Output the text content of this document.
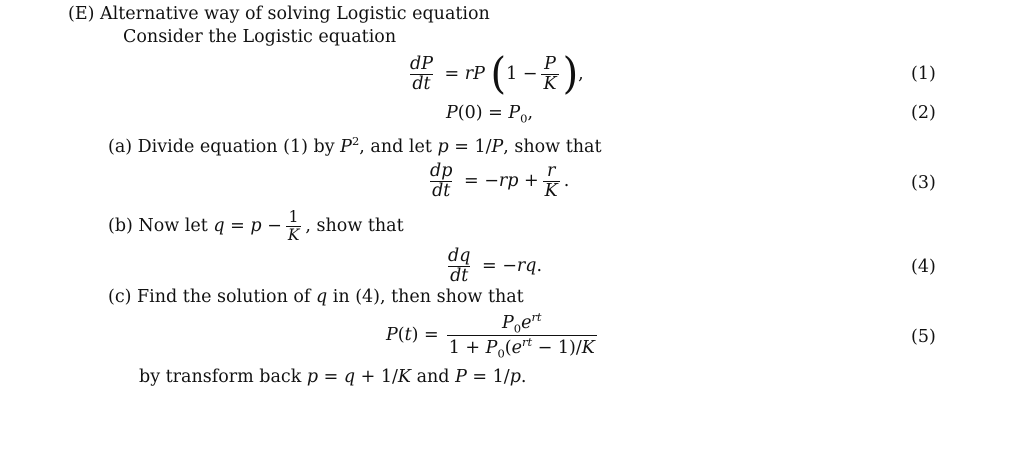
(E) Alternative way of solving Logistic equation
Consider the Logistic equation
$\frac{dP}{dt}$ = rP ( $1 - \frac{P}{K}$ ) ,	(1)
$P(0) = P_0$,	(2)
(a) Divide equation (1) by $P^2$, and let p = 1/P, show that
$\frac{dp}{dt} = -rp + \frac{r}{K}$ .	(3)
(b) Now let $q = p - \frac{1}{K}$ , show that
$\frac{dq}{dt} = -rq$.	(4)
(c) Find the solution of q in (4), then show that
P ( t ) = $\frac{P_0e^{rt}}{1 + P_0(e^{rt} - 1)/K}$	(5)
by transform back p = q + 1/K and P = 1/p.
